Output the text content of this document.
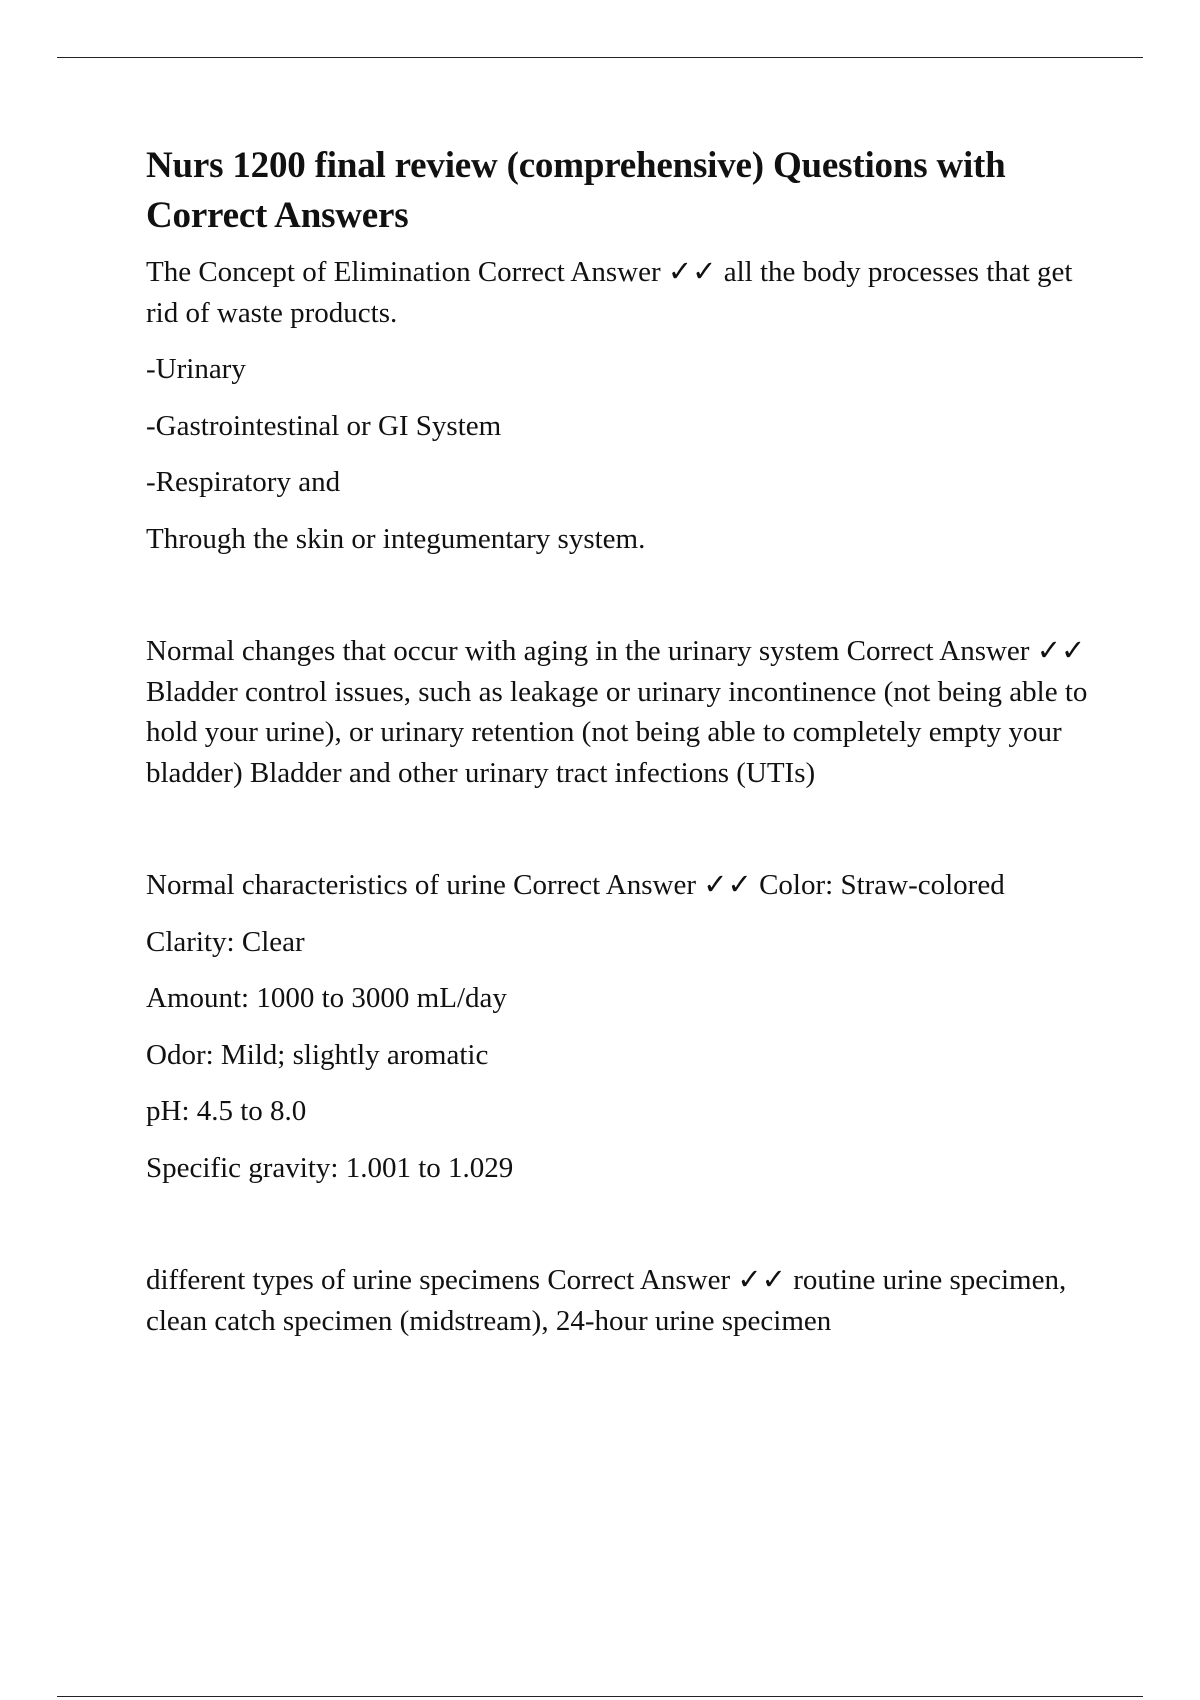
Nurs 1200 final review (comprehensive) Questions with Correct Answers

The Concept of Elimination Correct Answer ✓✓ all the body processes that get rid of waste products.

-Urinary

-Gastrointestinal or GI System

-Respiratory and

Through the skin or integumentary system.

Normal changes that occur with aging in the urinary system Correct Answer ✓✓ Bladder control issues, such as leakage or urinary incontinence (not being able to hold your urine), or urinary retention (not being able to completely empty your bladder) Bladder and other urinary tract infections (UTIs)

Normal characteristics of urine Correct Answer ✓✓ Color: Straw-colored

Clarity: Clear

Amount: 1000 to 3000 mL/day

Odor: Mild; slightly aromatic

pH: 4.5 to 8.0

Specific gravity: 1.001 to 1.029

different types of urine specimens Correct Answer ✓✓ routine urine specimen, clean catch specimen (midstream), 24-hour urine specimen
